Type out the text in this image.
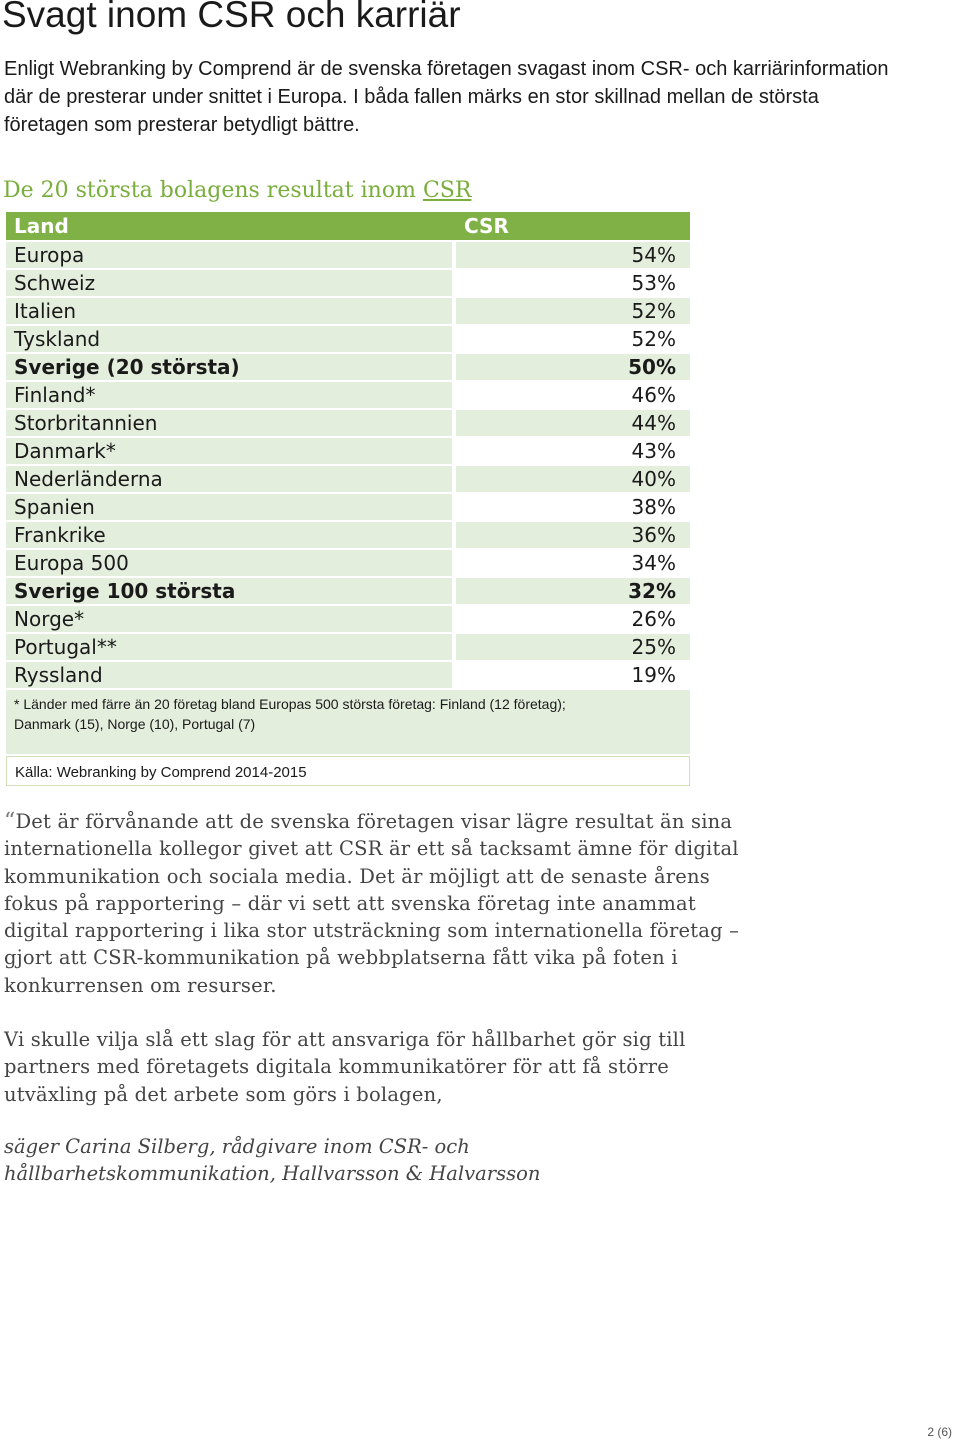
Svagt inom CSR och karriär

Enligt Webranking by Comprend är de svenska företagen svagast inom CSR- och karriärinformation där de presterar under snittet i Europa. I båda fallen märks en stor skillnad mellan de största företagen som presterar betydligt bättre.

De 20 största bolagens resultat inom CSR
Land	CSR
Europa	54%
Schweiz	53%
Italien	52%
Tyskland	52%
Sverige (20 största)	50%
Finland*	46%
Storbritannien	44%
Danmark*	43%
Nederländerna	40%
Spanien	38%
Frankrike	36%
Europa 500	34%
Sverige 100 största	32%
Norge*	26%
Portugal**	25%
Ryssland	19%
* Länder med färre än 20 företag bland Europas 500 största företag: Finland (12 företag);
Danmark (15), Norge (10), Portugal (7)	
Källa: Webranking by Comprend 2014-2015	

“Det är förvånande att de svenska företagen visar lägre resultat än sina internationella kollegor givet att CSR är ett så tacksamt ämne för digital kommunikation och sociala media. Det är möjligt att de senaste årens fokus på rapportering – där vi sett att svenska företag inte anammat digital rapportering i lika stor utsträckning som internationella företag – gjort att CSR-kommunikation på webbplatserna fått vika på foten i konkurrensen om resurser.

Vi skulle vilja slå ett slag för att ansvariga för hållbarhet gör sig till partners med företagets digitala kommunikatörer för att få större utväxling på det arbete som görs i bolagen,

säger Carina Silberg, rådgivare inom CSR- och hållbarhetskommunikation, Hallvarsson & Halvarsson

2 (6)
